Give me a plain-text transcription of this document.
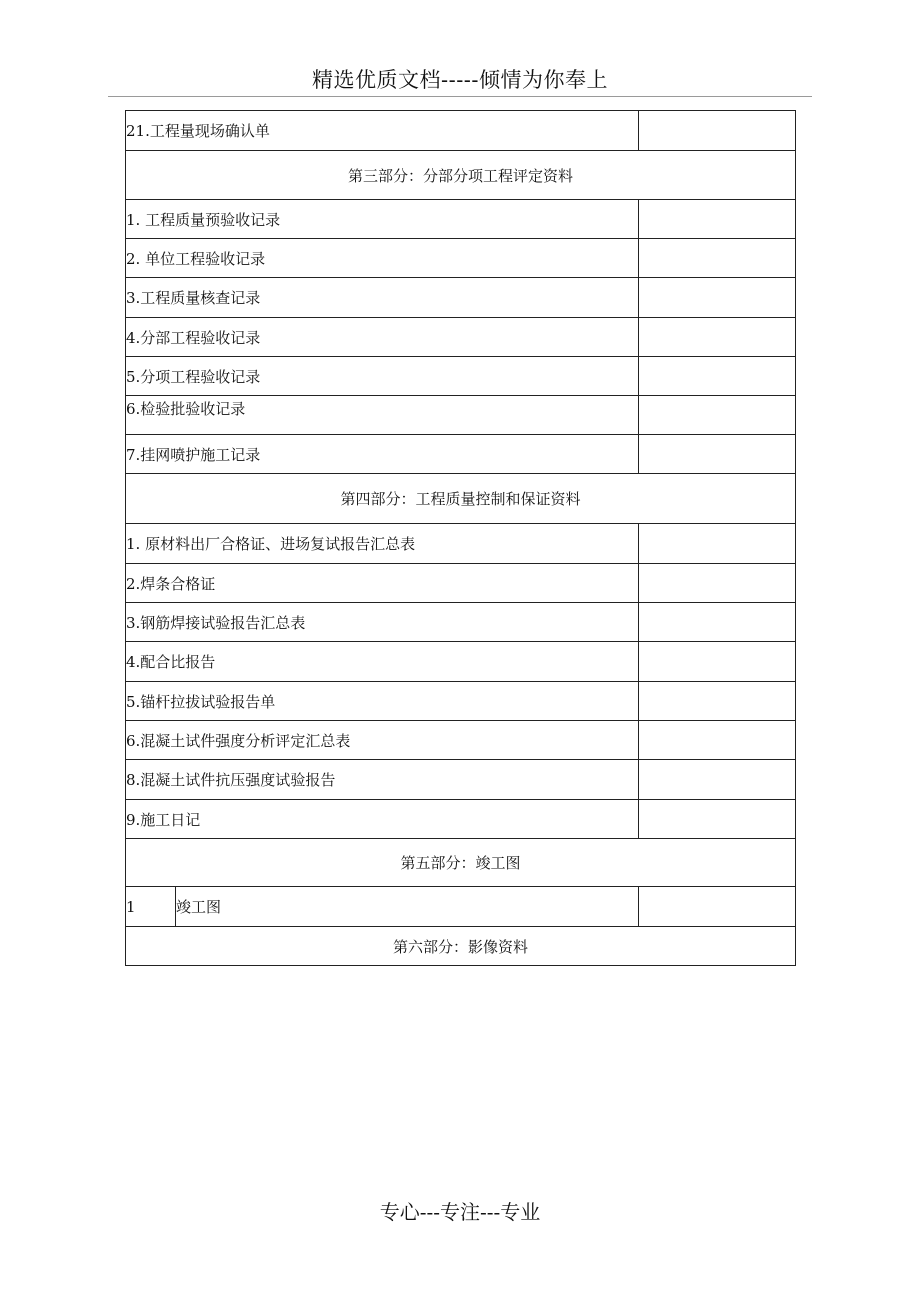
精选优质文档-----倾情为你奉上
21.工程量现场确认单		
第三部分：分部分项工程评定资料		
1. 工程质量预验收记录		
2. 单位工程验收记录		
3.工程质量核查记录		
4.分部工程验收记录		
5.分项工程验收记录		
6.检验批验收记录		
7.挂网喷护施工记录		
第四部分：工程质量控制和保证资料		
1. 原材料出厂合格证、进场复试报告汇总表		
2.焊条合格证		
3.钢筋焊接试验报告汇总表		
4.配合比报告		
5.锚杆拉拔试验报告单		
6.混凝土试件强度分析评定汇总表		
8.混凝土试件抗压强度试验报告		
9.施工日记		
第五部分：竣工图		
1	竣工图	
第六部分：影像资料		
专心---专注---专业
